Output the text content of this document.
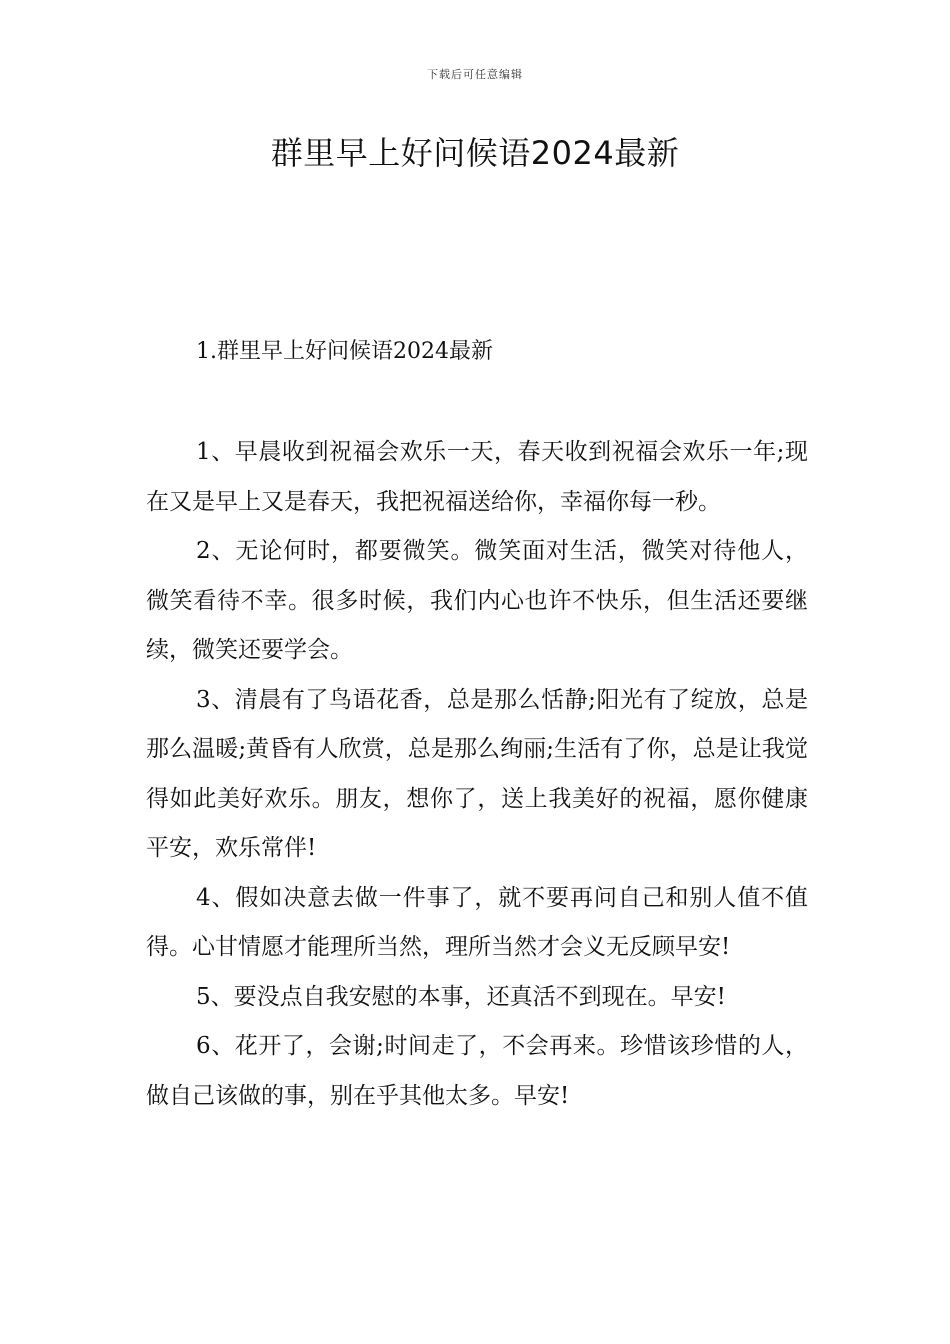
下载后可任意编辑
群里早上好问候语2024最新
1.群里早上好问候语2024最新

1、早晨收到祝福会欢乐一天，春天收到祝福会欢乐一年;现在又是早上又是春天，我把祝福送给你，幸福你每一秒。

2、无论何时，都要微笑。微笑面对生活，微笑对待他人，微笑看待不幸。很多时候，我们内心也许不快乐，但生活还要继续，微笑还要学会。

3、清晨有了鸟语花香，总是那么恬静;阳光有了绽放，总是那么温暖;黄昏有人欣赏，总是那么绚丽;生活有了你，总是让我觉得如此美好欢乐。朋友，想你了，送上我美好的祝福，愿你健康平安，欢乐常伴!

4、假如决意去做一件事了，就不要再问自己和别人值不值得。心甘情愿才能理所当然，理所当然才会义无反顾早安!

5、要没点自我安慰的本事，还真活不到现在。早安!

6、花开了，会谢;时间走了，不会再来。珍惜该珍惜的人，做自己该做的事，别在乎其他太多。早安!
